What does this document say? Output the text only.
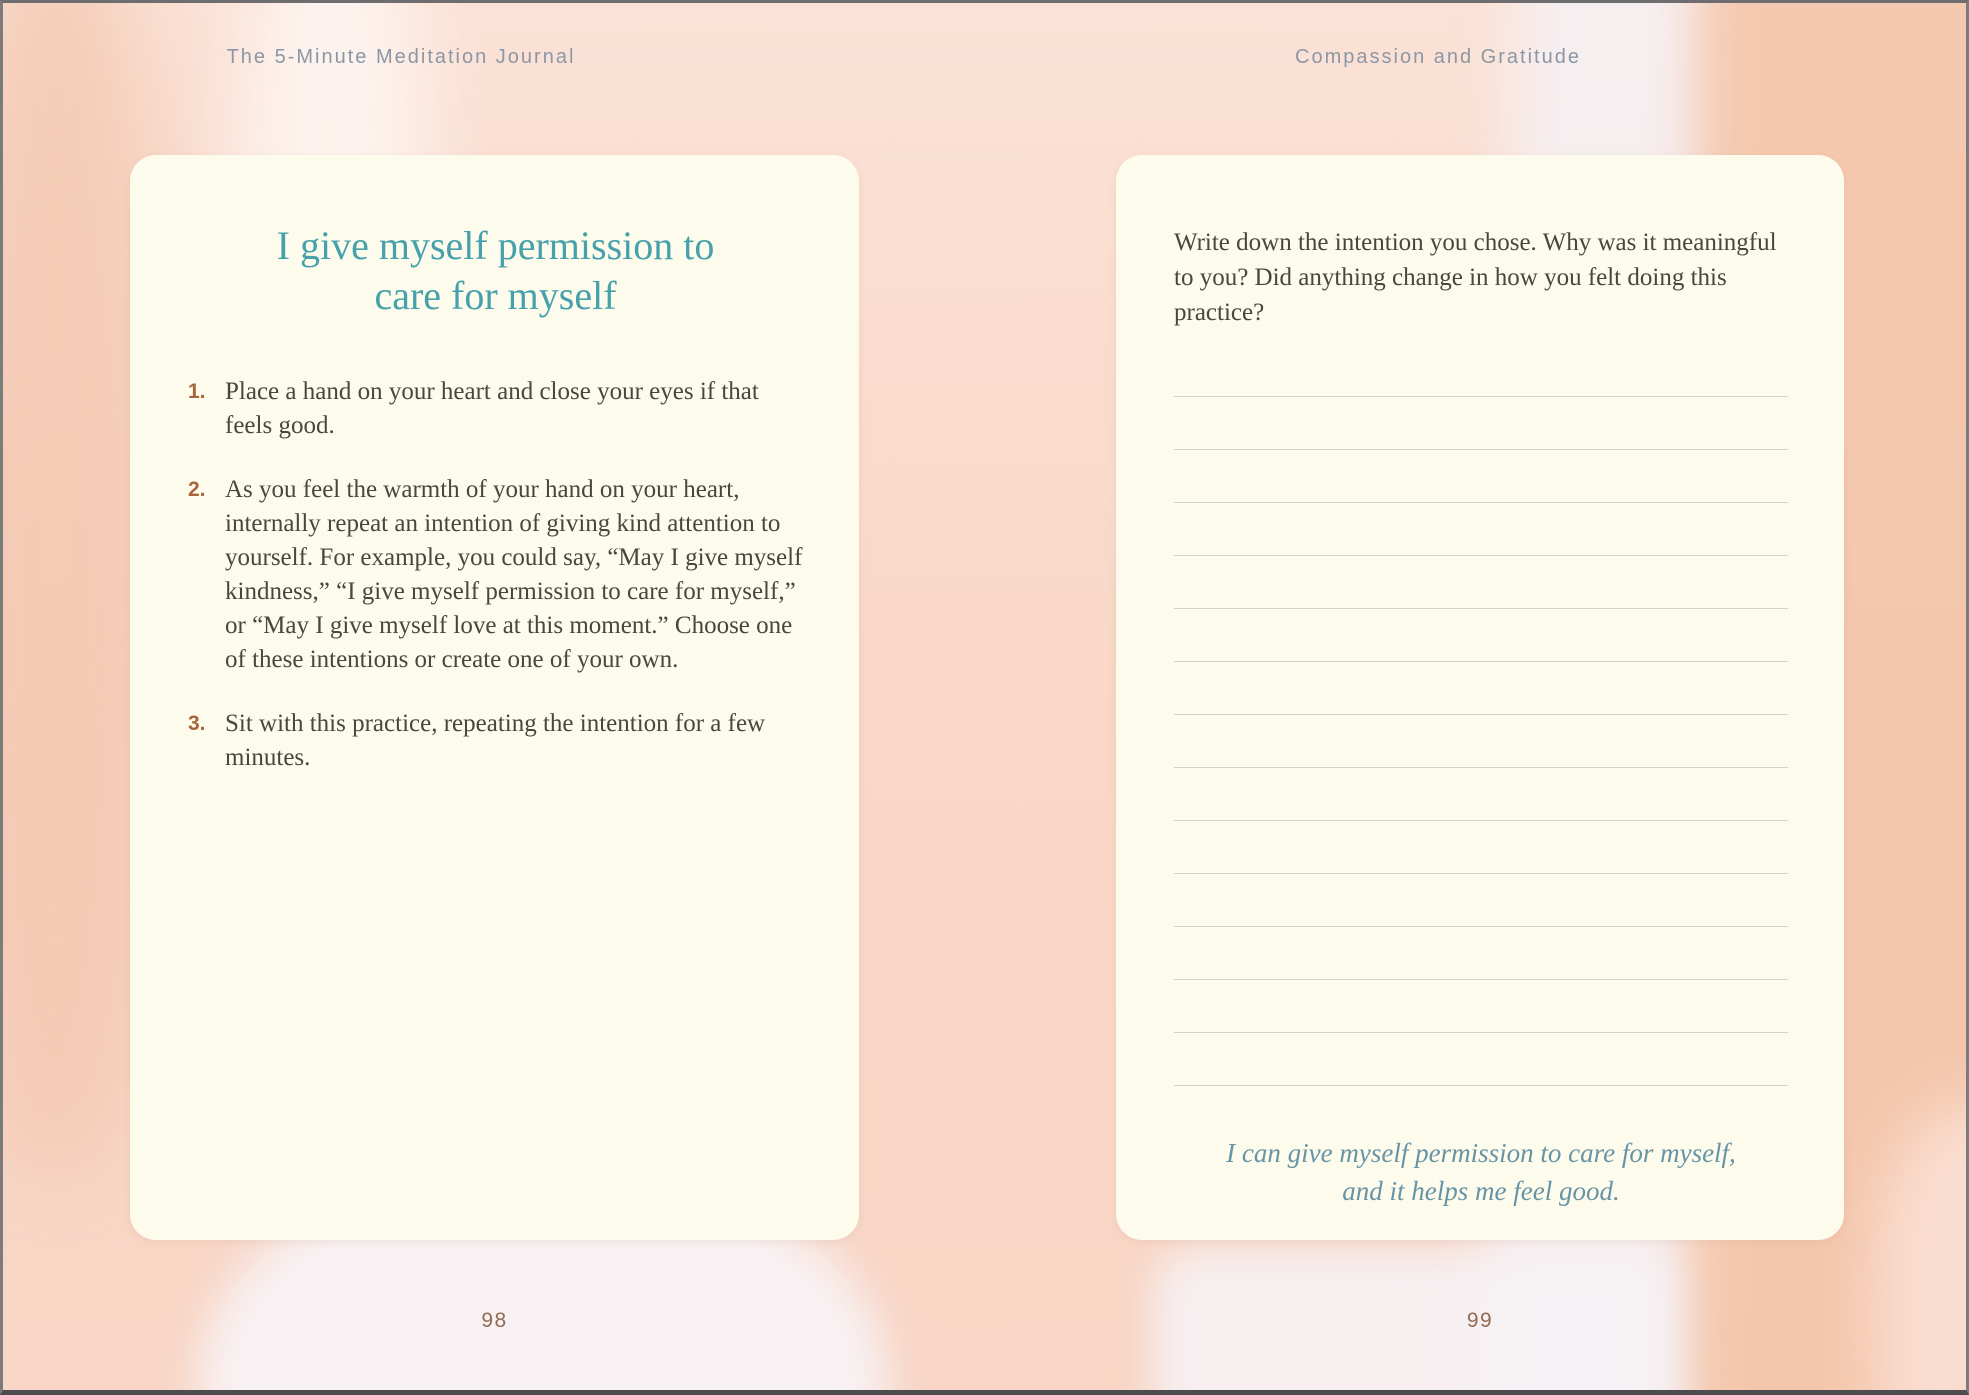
The 5-Minute Meditation Journal	Compassion and Gratitude
I give myself permission to
care for myself
1. Place a hand on your heart and close your eyes if that feels good.
2. As you feel the warmth of your hand on your heart, internally repeat an intention of giving kind attention to yourself. For example, you could say, “May I give myself kindness,” “I give myself permission to care for myself,” or “May I give myself love at this moment.” Choose one of these intentions or create one of your own.
3. Sit with this practice, repeating the intention for a few minutes.

Write down the intention you chose. Why was it meaningful to you? Did anything change in how you felt doing this practice?

I can give myself permission to care for myself,
and it helps me feel good.
98	99
